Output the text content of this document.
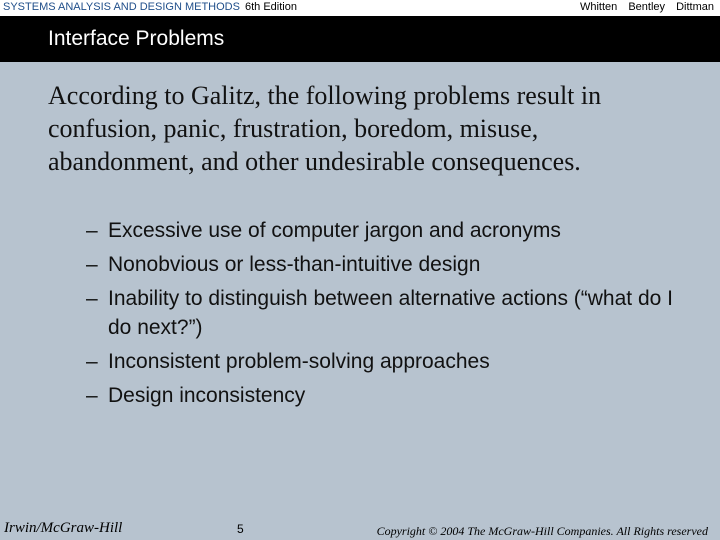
SYSTEMS ANALYSIS AND DESIGN METHODS 6th Edition	Whitten Bentley Dittman
Interface Problems
According to Galitz, the following problems result in confusion, panic, frustration, boredom, misuse, abandonment, and other undesirable consequences.
– Excessive use of computer jargon and acronyms
– Nonobvious or less-than-intuitive design
– Inability to distinguish between alternative actions (“what do I do next?”)
– Inconsistent problem-solving approaches
– Design inconsistency
Irwin/McGraw-Hill	5	Copyright © 2004 The McGraw-Hill Companies. All Rights reserved
